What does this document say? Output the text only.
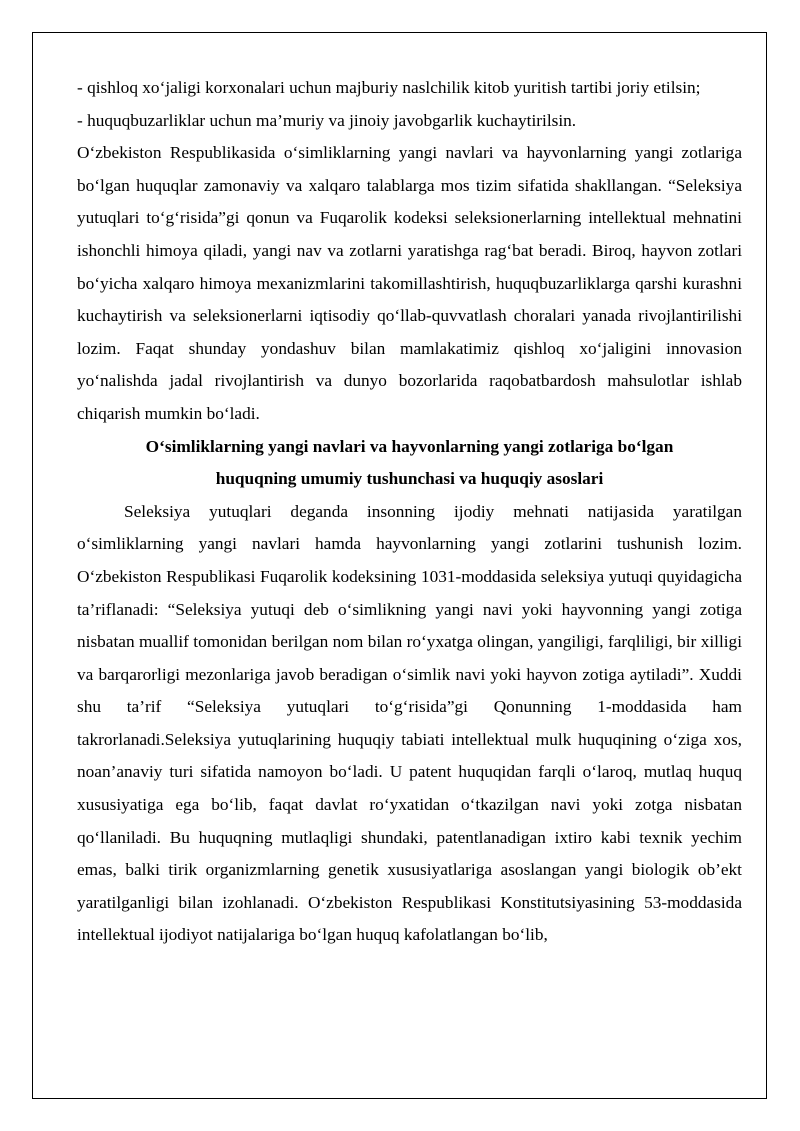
- qishloq xo‘jaligi korxonalari uchun majburiy naslchilik kitob yuritish tartibi joriy etilsin;

- huquqbuzarliklar uchun ma’muriy va jinoiy javobgarlik kuchaytirilsin.

O‘zbekiston Respublikasida o‘simliklarning yangi navlari va hayvonlarning yangi zotlariga bo‘lgan huquqlar zamonaviy va xalqaro talablarga mos tizim sifatida shakllangan. “Seleksiya yutuqlari to‘g‘risida”gi qonun va Fuqarolik kodeksi seleksionerlarning intellektual mehnatini ishonchli himoya qiladi, yangi nav va zotlarni yaratishga rag‘bat beradi. Biroq, hayvon zotlari bo‘yicha xalqaro himoya mexanizmlarini takomillashtirish, huquqbuzarliklarga qarshi kurashni kuchaytirish va seleksionerlarni iqtisodiy qo‘llab-quvvatlash choralari yanada rivojlantirilishi lozim. Faqat shunday yondashuv bilan mamlakatimiz qishloq xo‘jaligini innovasion yo‘nalishda jadal rivojlantirish va dunyo bozorlarida raqobatbardosh mahsulotlar ishlab chiqarish mumkin bo‘ladi.

O‘simliklarning yangi navlari va hayvonlarning yangi zotlariga bo‘lgan
huquqning umumiy tushunchasi va huquqiy asoslari

Seleksiya yutuqlari deganda insonning ijodiy mehnati natijasida yaratilgan o‘simliklarning yangi navlari hamda hayvonlarning yangi zotlarini tushunish lozim. O‘zbekiston Respublikasi Fuqarolik kodeksining 1031-moddasida seleksiya yutuqi quyidagicha ta’riflanadi: “Seleksiya yutuqi deb o‘simlikning yangi navi yoki hayvonning yangi zotiga nisbatan muallif tomonidan berilgan nom bilan ro‘yxatga olingan, yangiligi, farqliligi, bir xilligi va barqarorligi mezonlariga javob beradigan o‘simlik navi yoki hayvon zotiga aytiladi”. Xuddi shu ta’rif “Seleksiya yutuqlari to‘g‘risida”gi Qonunning 1-moddasida ham takrorlanadi.Seleksiya yutuqlarining huquqiy tabiati intellektual mulk huquqining o‘ziga xos, noan’anaviy turi sifatida namoyon bo‘ladi. U patent huquqidan farqli o‘laroq, mutlaq huquq xususiyatiga ega bo‘lib, faqat davlat ro‘yxatidan o‘tkazilgan navi yoki zotga nisbatan qo‘llaniladi. Bu huquqning mutlaqligi shundaki, patentlanadigan ixtiro kabi texnik yechim emas, balki tirik organizmlarning genetik xususiyatlariga asoslangan yangi biologik ob’ekt yaratilganligi bilan izohlanadi. O‘zbekiston Respublikasi Konstitutsiyasining 53-moddasida intellektual ijodiyot natijalariga bo‘lgan huquq kafolatlangan bo‘lib,
